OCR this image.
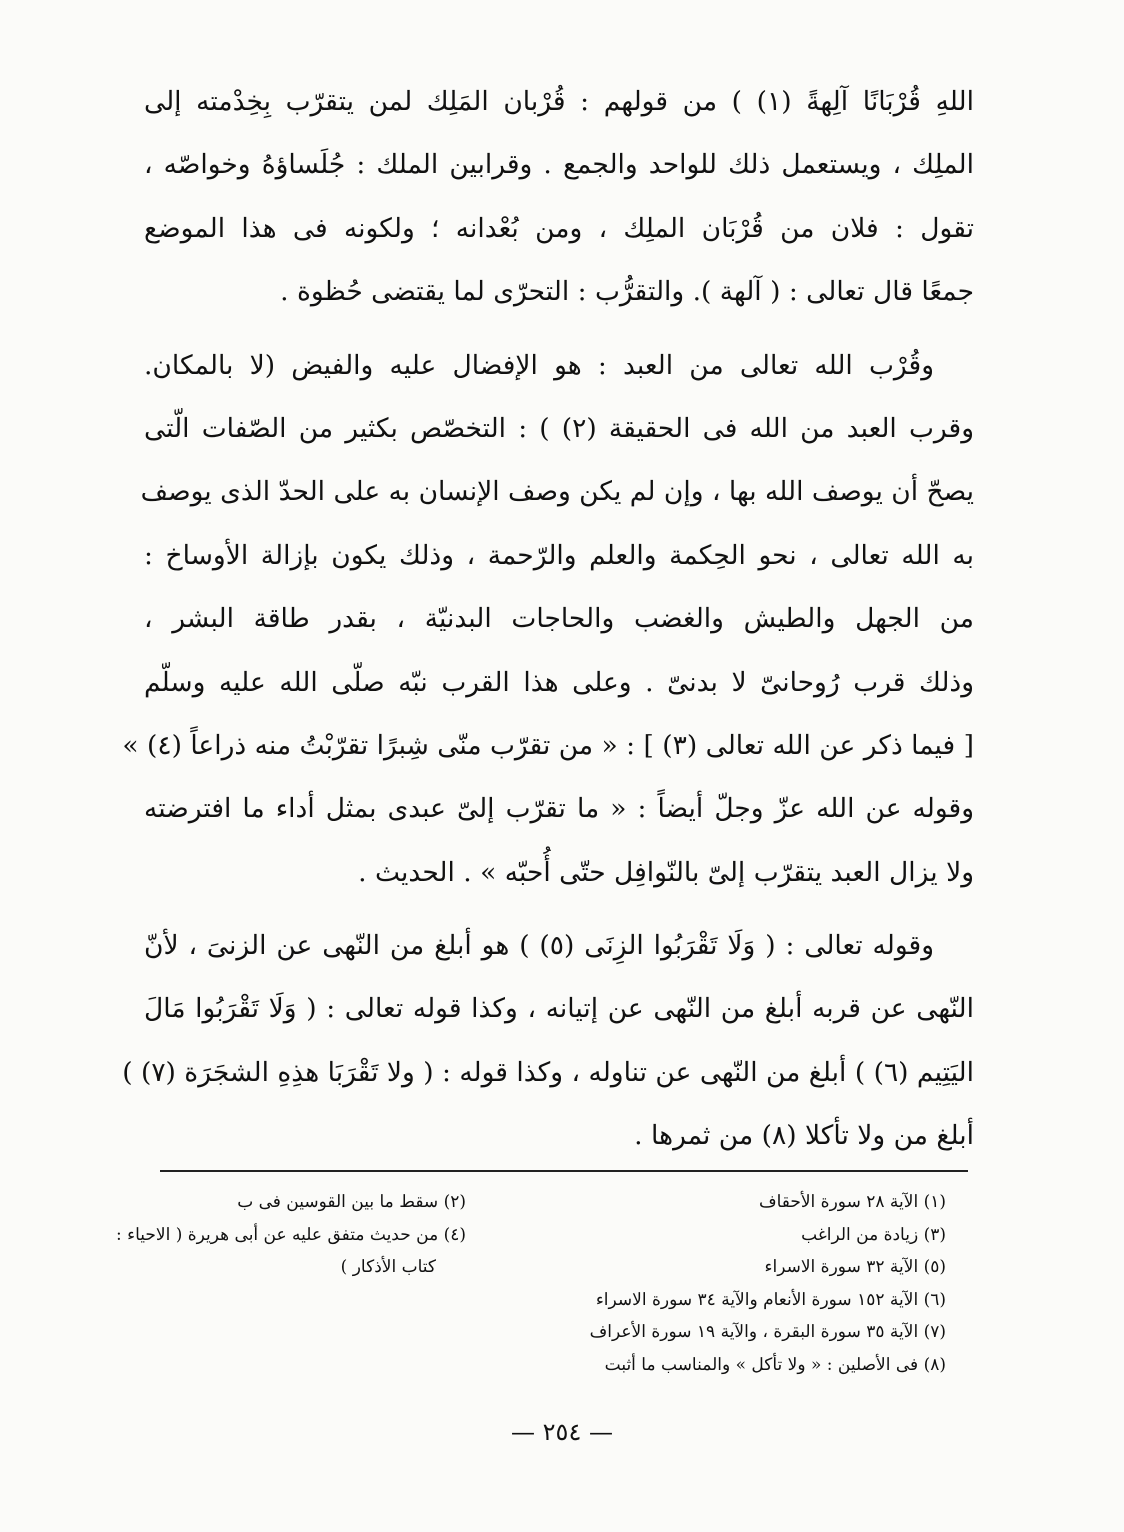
اللهِ قُرْبَانًا آلِهةً (١) ) من قولهم : قُرْبان المَلِك لمن يتقرّب بِخِدْمته إلى
الملِك ، ويستعمل ذلك للواحد والجمع . وقرابين الملك : جُلَساؤهُ وخواصّه ،
تقول : فلان من قُرْبَان الملِك ، ومن بُعْدانه ؛ ولكونه فى هذا الموضع
جمعًا قال تعالى : ( آلهة ). والتقرُّب : التحرّى لما يقتضى حُظوة .
وقُرْب الله تعالى من العبد : هو الإفضال عليه والفيض (لا بالمكان.
وقرب العبد من الله فى الحقيقة (٢) ) : التخصّص بكثير من الصّفات الّتى
يصحّ أن يوصف الله بها ، وإن لم يكن وصف الإنسان به على الحدّ الذى يوصف
به الله تعالى ، نحو الحِكمة والعلم والرّحمة ، وذلك يكون بإزالة الأوساخ :
من الجهل والطيش والغضب والحاجات البدنيّة ، بقدر طاقة البشر ،
وذلك قرب رُوحانىّ لا بدنىّ . وعلى هذا القرب نبّه صلّى الله عليه وسلّم
[ فيما ذكر عن الله تعالى (٣) ] : « من تقرّب منّى شِبرًا تقرّبْتُ منه ذراعاً (٤) »
وقوله عن الله عزّ وجلّ أيضاً : « ما تقرّب إلىّ عبدى بمثل أداء ما افترضته
ولا يزال العبد يتقرّب إلىّ بالنّوافِل حتّى أُحبّه » . الحديث .
وقوله تعالى : ( وَلَا تَقْرَبُوا الزِنَى (٥) ) هو أبلغ من النّهى عن الزنىَ ، لأنّ
النّهى عن قربه أبلغ من النّهى عن إتيانه ، وكذا قوله تعالى : ( وَلَا تَقْرَبُوا مَالَ
اليَتِيم (٦) ) أبلغ من النّهى عن تناوله ، وكذا قوله : ( ولا تَقْرَبَا هذِهِ الشجَرَة (٧) )
أبلغ من ولا تأكلا (٨) من ثمرها .
(١) الآية ٢٨ سورة الأحقاف
(٢) سقط ما بين القوسين فى ب
(٣) زيادة من الراغب
(٤) من حديث متفق عليه عن أبى هريرة ( الاحياء :
(٥) الآية ٣٢ سورة الاسراء
كتاب الأذكار )
(٦) الآية ١٥٢ سورة الأنعام والآية ٣٤ سورة الاسراء
(٧) الآية ٣٥ سورة البقرة ، والآية ١٩ سورة الأعراف
(٨) فى الأصلين : « ولا تأكل » والمناسب ما أثبت
— ٢٥٤ —
